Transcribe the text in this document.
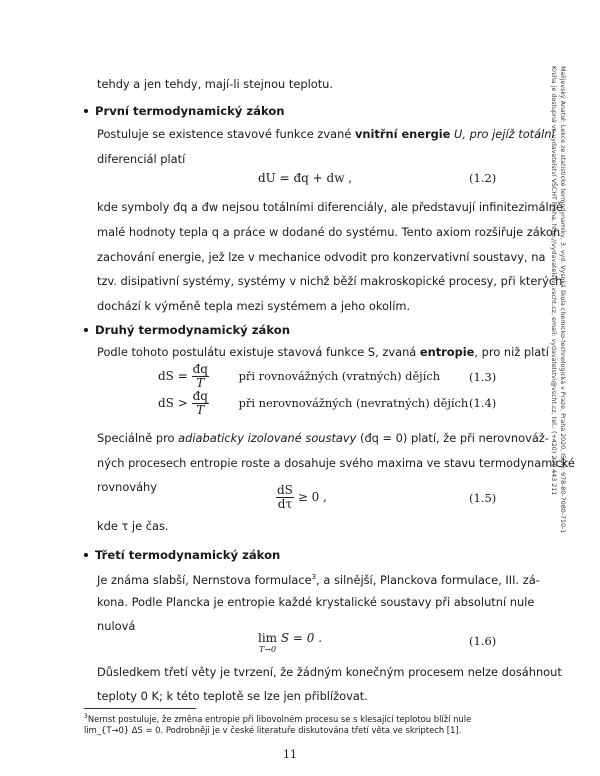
tehdy a jen tehdy, mají-li stejnou teplotu.
První termodynamický zákon
Postuluje se existence stavové funkce zvané vnitřní energie U, pro jejíž totální
diferenciál platí
dU = đq + dw ,	(1.2)
kde symboly đq a đw nejsou totálními diferenciály, ale představují infinitezimálně
malé hodnoty tepla q a práce w dodané do systému. Tento axiom rozšiřuje zákon
zachování energie, jež lze v mechanice odvodit pro konzervativní soustavy, na
tzv. disipativní systémy, systémy v nichž běží makroskopické procesy, při kterých
dochází k výměně tepla mezi systémem a jeho okolím.
Druhý termodynamický zákon
Podle tohoto postulátu existuje stavová funkce S, zvaná entropie, pro niž platí
dS = $\frac{đq}{T}$	při rovnovážných (vratných) dějích	(1.3)
dS > $\frac{đq}{T}$	při nerovnovážných (nevratných) dějích (1.4)
Speciálně pro adiabaticky izolované soustavy (đq = 0) platí, že při nerovnováž-
ných procesech entropie roste a dosahuje svého maxima ve stavu termodynamické
rovnováhy	$\frac{dS}{d\tau} \ge 0$ ,	(1.5)
kde τ je čas.
Třetí termodynamický zákon
Je známa slabší, Nernstova formulace$^3$, a silnější, Planckova formulace, III. zá-
kona. Podle Plancka je entropie každé krystalické soustavy při absolutní nule
nulová
lim
T→0
S = 0 .	(1.6)
Důsledkem třetí věty je tvrzení, že žádným konečným procesem nelze dosáhnout
teploty 0 K; k této teplotě se lze jen přiblížovat.
$^3$Nernst postuluje, že změna entropie při libovolném procesu se s klesající teplotou blíží nule
lim_{T→0} ΔS = 0. Podrobněji je v české literatuře diskutována třetí věta ve skriptech [1].
11
Malijevský Anatol: Lekce ze statistické termodynamiky, 3. vyd. Vysoká škola chemicko-technologická v Praze, Praha 2020, ISBN: 978-80-7080-710-1
Kniha je dostupná ve vydavatelství VŠCHT Praha, http://vydavatelstvi.vscht.cz, email: vydavatelstvi@vscht.cz, tel.: (+420) 220 443 211
